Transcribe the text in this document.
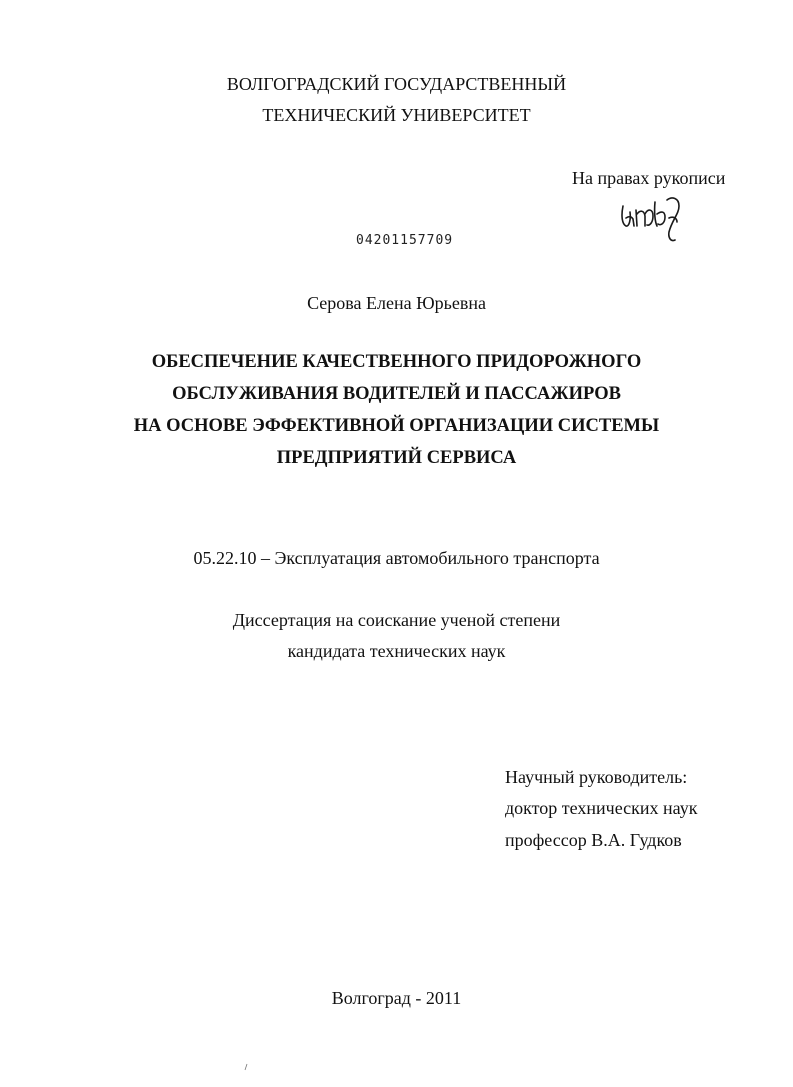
ВОЛГОГРАДСКИЙ ГОСУДАРСТВЕННЫЙ
ТЕХНИЧЕСКИЙ УНИВЕРСИТЕТ
На правах рукописи
04201157709
Серова Елена Юрьевна
ОБЕСПЕЧЕНИЕ КАЧЕСТВЕННОГО ПРИДОРОЖНОГО
ОБСЛУЖИВАНИЯ ВОДИТЕЛЕЙ И ПАССАЖИРОВ
НА ОСНОВЕ ЭФФЕКТИВНОЙ ОРГАНИЗАЦИИ СИСТЕМЫ
ПРЕДПРИЯТИЙ СЕРВИСА
05.22.10 – Эксплуатация автомобильного транспорта
Диссертация на соискание ученой степени
кандидата технических наук
Научный руководитель:
доктор технических наук
профессор В.А. Гудков
Волгоград - 2011
